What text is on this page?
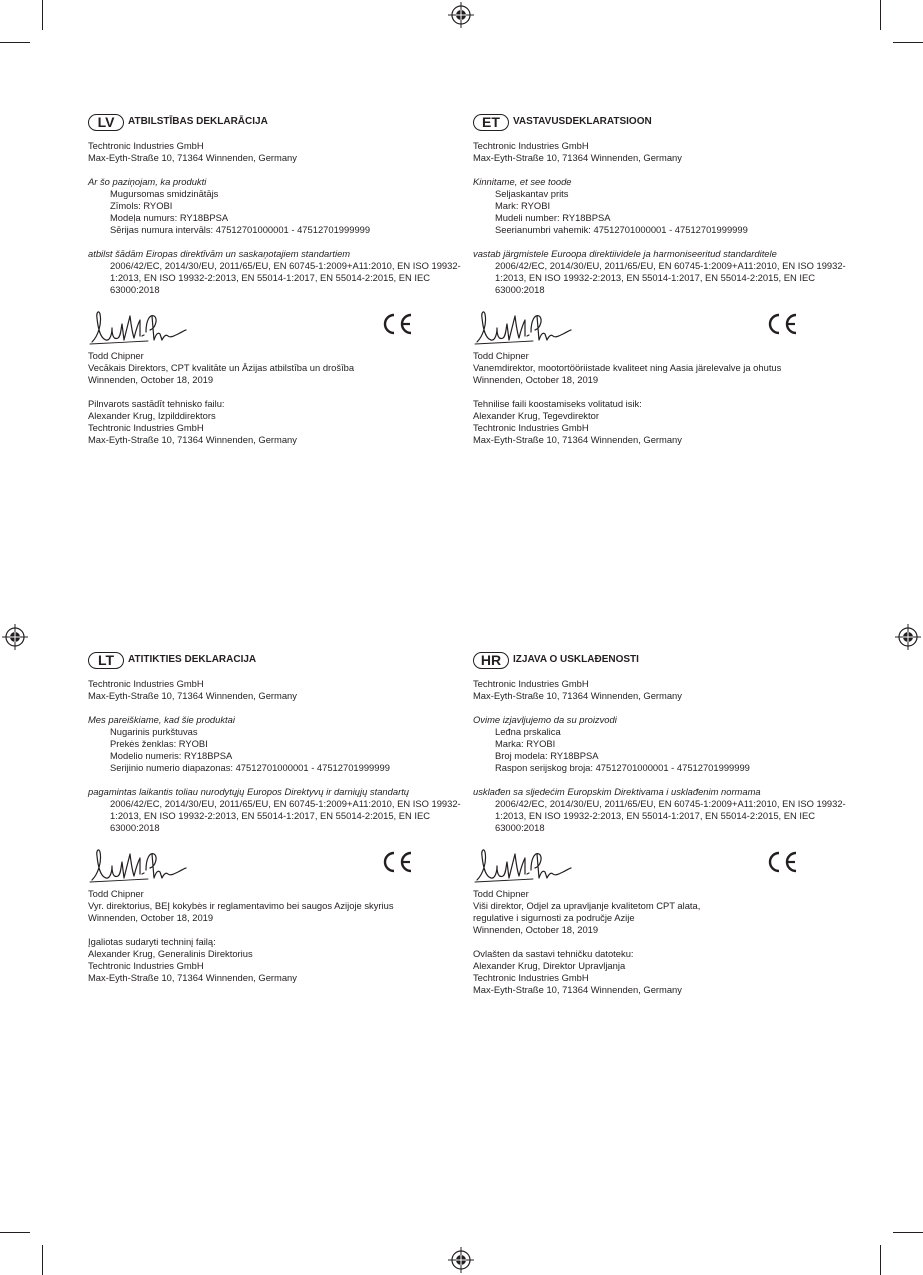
LV	ATBILSTĪBAS DEKLARĀCIJA
Techtronic Industries GmbH
Max-Eyth-Straße 10, 71364 Winnenden, Germany
Ar šo paziņojam, ka produkti
Mugursomas smidzinātājs
Zīmols: RYOBI
Modeļa numurs: RY18BPSA
Sērijas numura intervāls: 47512701000001 - 47512701999999
atbilst šādām Eiropas direktīvām un saskaņotajiem standartiem
2006/42/EC, 2014/30/EU, 2011/65/EU, EN 60745-1:2009+A11:2010, EN ISO 19932-1:2013, EN ISO 19932-2:2013, EN 55014-1:2017, EN 55014-2:2015, EN IEC 63000:2018
Todd Chipner
Vecākais Direktors, CPT kvalitāte un Āzijas atbilstība un drošība
Winnenden, October 18, 2019
Pilnvarots sastādīt tehnisko failu:
Alexander Krug, Izpilddirektors
Techtronic Industries GmbH
Max-Eyth-Straße 10, 71364 Winnenden, Germany
ET	VASTAVUSDEKLARATSIOON
Techtronic Industries GmbH
Max-Eyth-Straße 10, 71364 Winnenden, Germany
Kinnitame, et see toode
Seljaskantav prits
Mark: RYOBI
Mudeli number: RY18BPSA
Seerianumbri vahemik: 47512701000001 - 47512701999999
vastab järgmistele Euroopa direktiividele ja harmoniseeritud standarditele
2006/42/EC, 2014/30/EU, 2011/65/EU, EN 60745-1:2009+A11:2010, EN ISO 19932-1:2013, EN ISO 19932-2:2013, EN 55014-1:2017, EN 55014-2:2015, EN IEC 63000:2018
Todd Chipner
Vanemdirektor, mootortööriistade kvaliteet ning Aasia järelevalve ja ohutus
Winnenden, October 18, 2019
Tehnilise faili koostamiseks volitatud isik:
Alexander Krug, Tegevdirektor
Techtronic Industries GmbH
Max-Eyth-Straße 10, 71364 Winnenden, Germany
LT	ATITIKTIES DEKLARACIJA
Techtronic Industries GmbH
Max-Eyth-Straße 10, 71364 Winnenden, Germany
Mes pareiškiame, kad šie produktai
Nugarinis purkštuvas
Prekės ženklas: RYOBI
Modelio numeris: RY18BPSA
Serijinio numerio diapazonas: 47512701000001 - 47512701999999
pagamintas laikantis toliau nurodytųjų Europos Direktyvų ir darniųjų standartų
2006/42/EC, 2014/30/EU, 2011/65/EU, EN 60745-1:2009+A11:2010, EN ISO 19932-1:2013, EN ISO 19932-2:2013, EN 55014-1:2017, EN 55014-2:2015, EN IEC 63000:2018
Todd Chipner
Vyr. direktorius, BEĮ kokybės ir reglamentavimo bei saugos Azijoje skyrius
Winnenden, October 18, 2019
Įgaliotas sudaryti techninį failą:
Alexander Krug, Generalinis Direktorius
Techtronic Industries GmbH
Max-Eyth-Straße 10, 71364 Winnenden, Germany
HR	IZJAVA O USKLAĐENOSTI
Techtronic Industries GmbH
Max-Eyth-Straße 10, 71364 Winnenden, Germany
Ovime izjavljujemo da su proizvodi
Leđna prskalica
Marka: RYOBI
Broj modela: RY18BPSA
Raspon serijskog broja: 47512701000001 - 47512701999999
usklađen sa sljedećim Europskim Direktivama i usklađenim normama
2006/42/EC, 2014/30/EU, 2011/65/EU, EN 60745-1:2009+A11:2010, EN ISO 19932-1:2013, EN ISO 19932-2:2013, EN 55014-1:2017, EN 55014-2:2015, EN IEC 63000:2018
Todd Chipner
Viši direktor, Odjel za upravljanje kvalitetom CPT alata,
regulative i sigurnosti za područje Azije
Winnenden, October 18, 2019
Ovlašten da sastavi tehničku datoteku:
Alexander Krug, Direktor Upravljanja
Techtronic Industries GmbH
Max-Eyth-Straße 10, 71364 Winnenden, Germany
